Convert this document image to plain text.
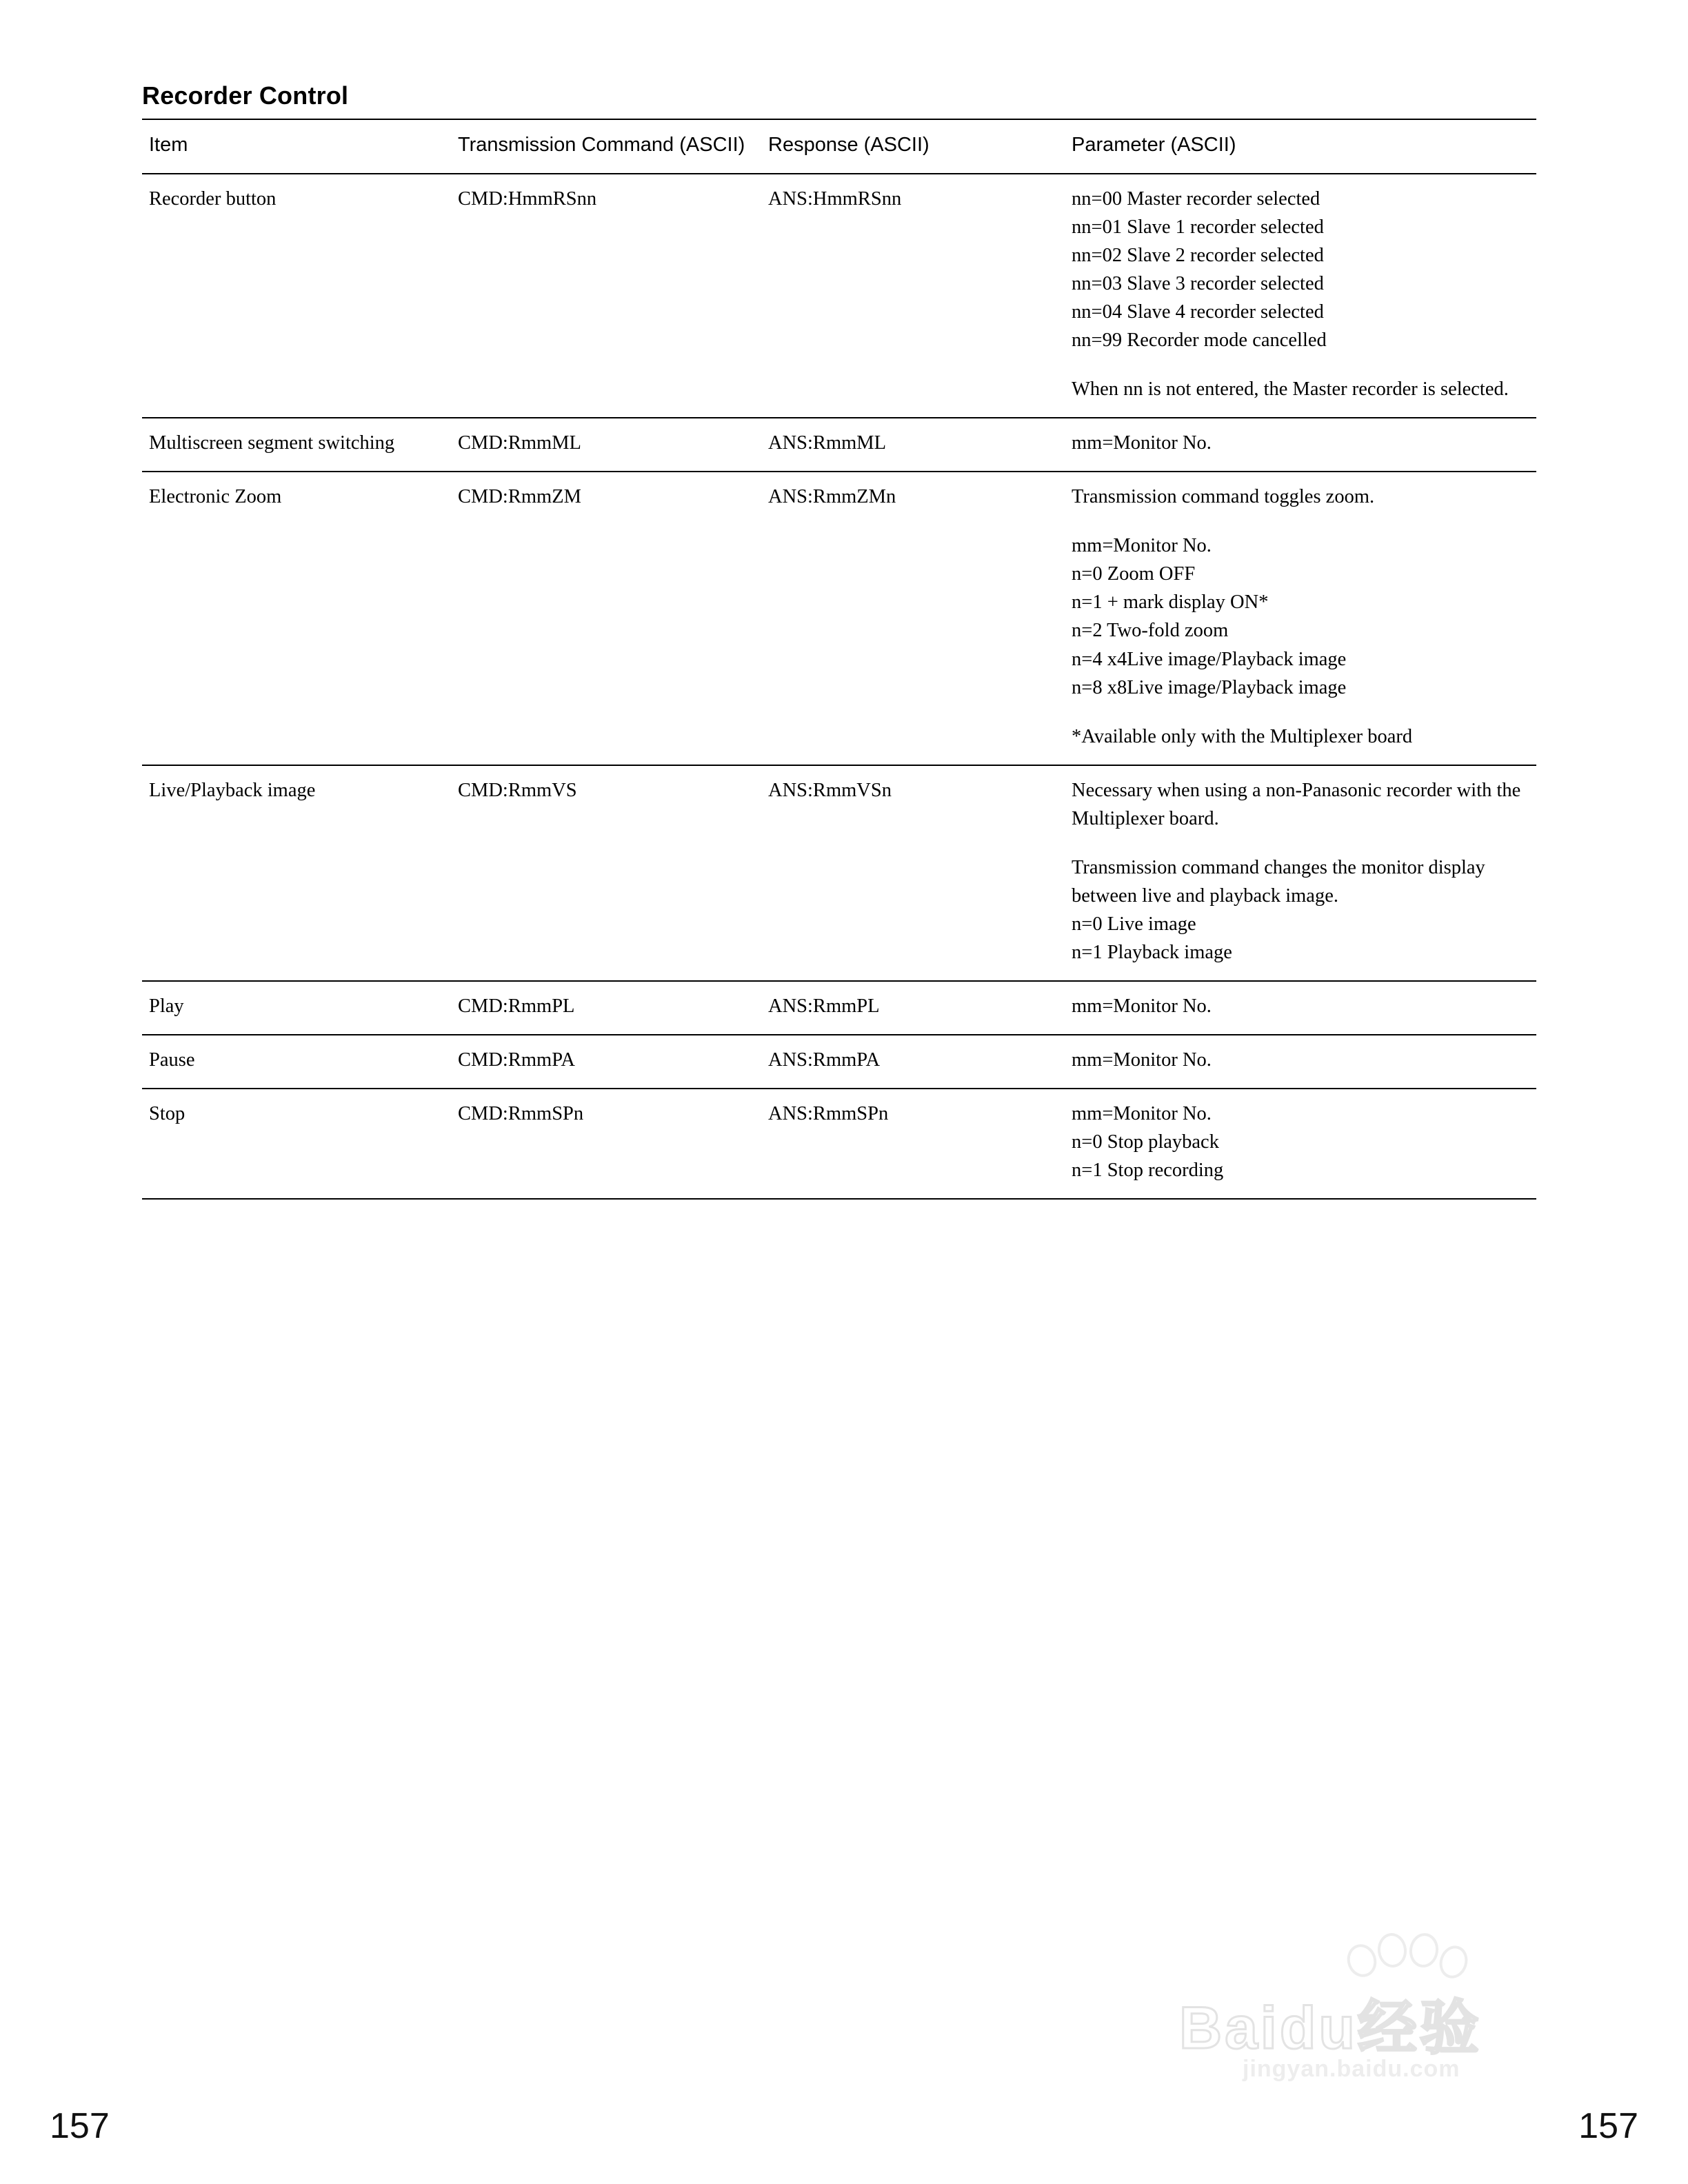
Recorder Control
Item	Transmission Command (ASCII)	Response (ASCII)	Parameter (ASCII)
Recorder button	CMD:HmmRSnn	ANS:HmmRSnn	nn=00 Master recorder selected

nn=01 Slave 1 recorder selected

nn=02 Slave 2 recorder selected

nn=03 Slave 3 recorder selected

nn=04 Slave 4 recorder selected

nn=99 Recorder mode cancelled

When nn is not entered, the Master recorder is selected.

Multiscreen segment switching	CMD:RmmML	ANS:RmmML	mm=Monitor No.

Electronic Zoom	CMD:RmmZM	ANS:RmmZMn	Transmission command toggles zoom.

mm=Monitor No.

n=0 Zoom OFF

n=1 + mark display ON*

n=2 Two-fold zoom

n=4 x4Live image/Playback image

n=8 x8Live image/Playback image

*Available only with the Multiplexer board

Live/Playback image	CMD:RmmVS	ANS:RmmVSn	Necessary when using a non-Panasonic recorder with the Multiplexer board.

Transmission command changes the monitor display between live and playback image.

n=0 Live image

n=1 Playback image

Play	CMD:RmmPL	ANS:RmmPL	mm=Monitor No.

Pause	CMD:RmmPA	ANS:RmmPA	mm=Monitor No.

Stop	CMD:RmmSPn	ANS:RmmSPn	mm=Monitor No.

n=0 Stop playback

n=1 Stop recording

Baidu经验
jingyan.baidu.com
157	157
